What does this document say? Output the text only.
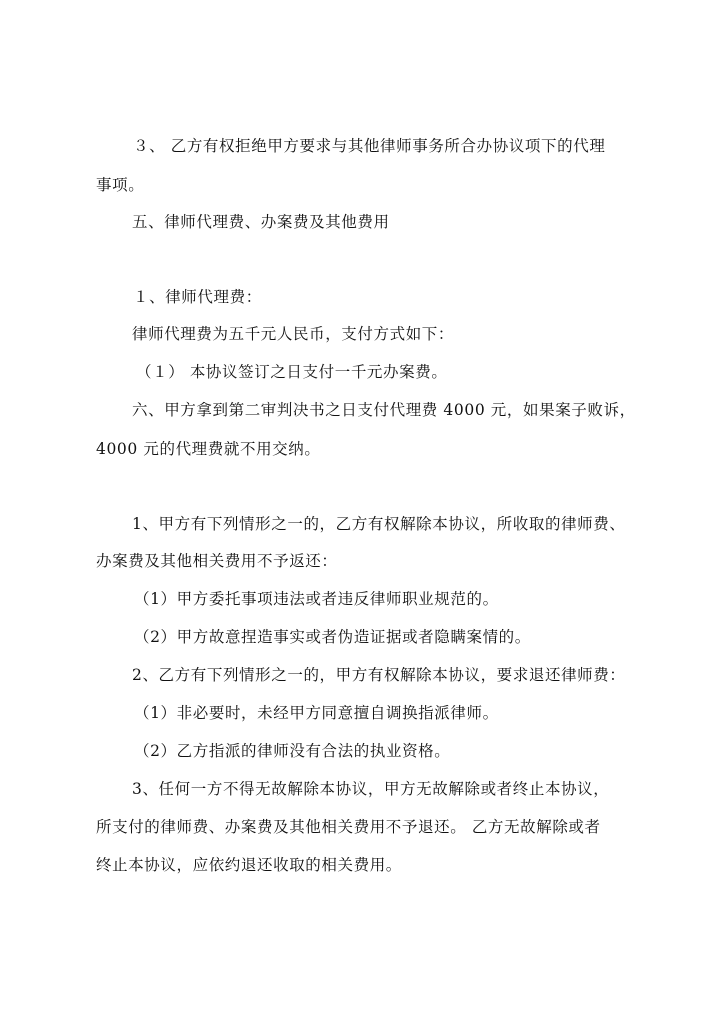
３、 乙方有权拒绝甲方要求与其他律师事务所合办协议项下的代理
事项。
五、律师代理费、办案费及其他费用
１、律师代理费：
律师代理费为五千元人民币，支付方式如下：
（１） 本协议签订之日支付一千元办案费。
六、甲方拿到第二审判决书之日支付代理费 4000 元，如果案子败诉，
4000 元的代理费就不用交纳。
1、甲方有下列情形之一的，乙方有权解除本协议，所收取的律师费、
办案费及其他相关费用不予返还：
（1）甲方委托事项违法或者违反律师职业规范的。
（2）甲方故意捏造事实或者伪造证据或者隐瞒案情的。
2、乙方有下列情形之一的，甲方有权解除本协议，要求退还律师费：
（1）非必要时，未经甲方同意擅自调换指派律师。
（2）乙方指派的律师没有合法的执业资格。
3、任何一方不得无故解除本协议，甲方无故解除或者终止本协议，
所支付的律师费、办案费及其他相关费用不予退还。 乙方无故解除或者
终止本协议，应依约退还收取的相关费用。
